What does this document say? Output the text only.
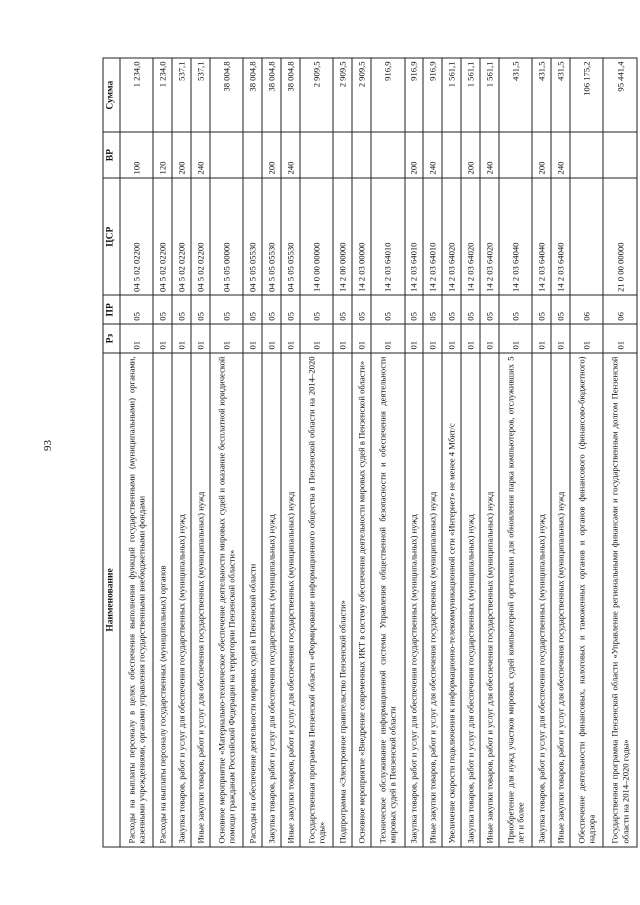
93
Наименование	Рз	ПР	ЦСР	ВР	Сумма
Расходы на выплаты персоналу в целях обеспечения выполнения функций государственными (муниципальными) органами, казенными учреждениями, органами управления государственными внебюджетными фондами	01	05	04 5 02 02200	100	1 234,0
Расходы на выплаты персоналу государственных (муниципальных) органов	01	05	04 5 02 02200	120	1 234,0
Закупка товаров, работ и услуг для обеспечения государственных (муниципальных) нужд	01	05	04 5 02 02200	200	537,1
Иные закупки товаров, работ и услуг для обеспечения государственных (муниципальных) нужд	01	05	04 5 02 02200	240	537,1
Основное мероприятие «Материально-техническое обеспечение деятельности мировых судей и оказание бесплатной юридической помощи гражданам Российской Федерации на территории Пензенской области»	01	05	04 5 05 00000		38 004,8
Расходы на обеспечение деятельности мировых судей в Пензенской области	01	05	04 5 05 05530		38 004,8
Закупка товаров, работ и услуг для обеспечения государственных (муниципальных) нужд	01	05	04 5 05 05530	200	38 004,8
Иные закупки товаров, работ и услуг для обеспечения государственных (муниципальных) нужд	01	05	04 5 05 05530	240	38 004,8
Государственная программа Пензенской области «Формирование информационного общества в Пензенской области на 2014–2020 годы»	01	05	14 0 00 00000		2 909,5
Подпрограмма «Электронное правительство Пензенской области»	01	05	14 2 00 00000		2 909,5
Основное мероприятие «Внедрение современных ИКТ в систему обеспечения деятельности мировых судей в Пензенской области»	01	05	14 2 03 00000		2 909,5
Техническое обслуживание информационной системы Управления общественной безопасности и обеспечения деятельности мировых судей в Пензенской области	01	05	14 2 03 64010		916,9
Закупка товаров, работ и услуг для обеспечения государственных (муниципальных) нужд	01	05	14 2 03 64010	200	916,9
Иные закупки товаров, работ и услуг для обеспечения государственных (муниципальных) нужд	01	05	14 2 03 64010	240	916,9
Увеличение скорости подключения к информационно-телекоммуникационной сети «Интернет» не менее 4 Мбит/с	01	05	14 2 03 64020		1 561,1
Закупка товаров, работ и услуг для обеспечения государственных (муниципальных) нужд	01	05	14 2 03 64020	200	1 561,1
Иные закупки товаров, работ и услуг для обеспечения государственных (муниципальных) нужд	01	05	14 2 03 64020	240	1 561,1
Приобретение для нужд участков мировых судей компьютерной оргтехники для обновления парка компьютеров, отслуживших 5 лет и более	01	05	14 2 03 64040		431,5
Закупка товаров, работ и услуг для обеспечения государственных (муниципальных) нужд	01	05	14 2 03 64040	200	431,5
Иные закупки товаров, работ и услуг для обеспечения государственных (муниципальных) нужд	01	05	14 2 03 64040	240	431,5
Обеспечение деятельности финансовых, налоговых и таможенных органов и органов финансового (финансово-бюджетного) надзора	01	06			106 175,2
Государственная программа Пензенской области «Управление региональными финансами и государственным долгом Пензенской области на 2014–2020 годы»	01	06	21 0 00 00000		95 441,4
